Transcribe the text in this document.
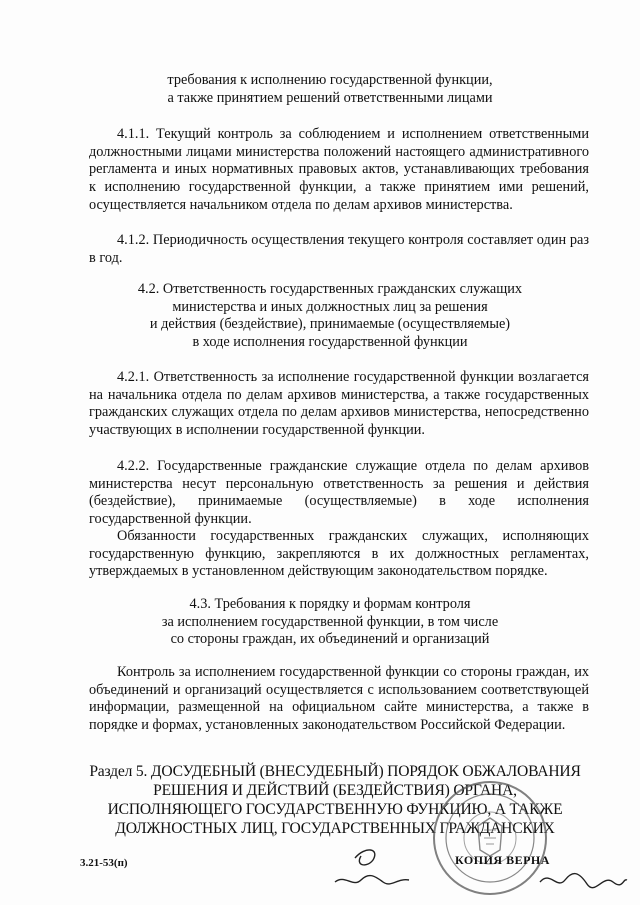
требования к исполнению государственной функции,
а также принятием решений ответственными лицами
4.1.1. Текущий контроль за соблюдением и исполнением ответственными должностными лицами министерства положений настоящего административного регламента и иных нормативных правовых актов, устанавливающих требования к исполнению государственной функции, а также принятием ими решений, осуществляется начальником отдела по делам архивов министерства.
4.1.2. Периодичность осуществления текущего контроля составляет один раз в год.
4.2. Ответственность государственных гражданских служащих
министерства и иных должностных лиц за решения
и действия (бездействие), принимаемые (осуществляемые)
в ходе исполнения государственной функции
4.2.1. Ответственность за исполнение государственной функции возлагается на начальника отдела по делам архивов министерства, а также государственных гражданских служащих отдела по делам архивов министерства, непосредственно участвующих в исполнении государственной функции.
4.2.2. Государственные гражданские служащие отдела по делам архивов министерства несут персональную ответственность за решения и действия (бездействие), принимаемые (осуществляемые) в ходе исполнения государственной функции.
Обязанности государственных гражданских служащих, исполняющих государственную функцию, закрепляются в их должностных регламентах, утверждаемых в установленном действующим законодательством порядке.
4.3. Требования к порядку и формам контроля
за исполнением государственной функции, в том числе
со стороны граждан, их объединений и организаций
Контроль за исполнением государственной функции со стороны граждан, их объединений и организаций осуществляется с использованием соответствующей информации, размещенной на официальном сайте министерства, а также в порядке и формах, установленных законодательством Российской Федерации.
Раздел 5. ДОСУДЕБНЫЙ (ВНЕСУДЕБНЫЙ) ПОРЯДОК ОБЖАЛОВАНИЯ
РЕШЕНИЯ И ДЕЙСТВИЙ (БЕЗДЕЙСТВИЯ) ОРГАНА,
ИСПОЛНЯЮЩЕГО ГОСУДАРСТВЕННУЮ ФУНКЦИЮ, А ТАКЖЕ
ДОЛЖНОСТНЫХ ЛИЦ, ГОСУДАРСТВЕННЫХ ГРАЖДАНСКИХ
3.21-53(п)	КОПИЯ ВЕРНА
